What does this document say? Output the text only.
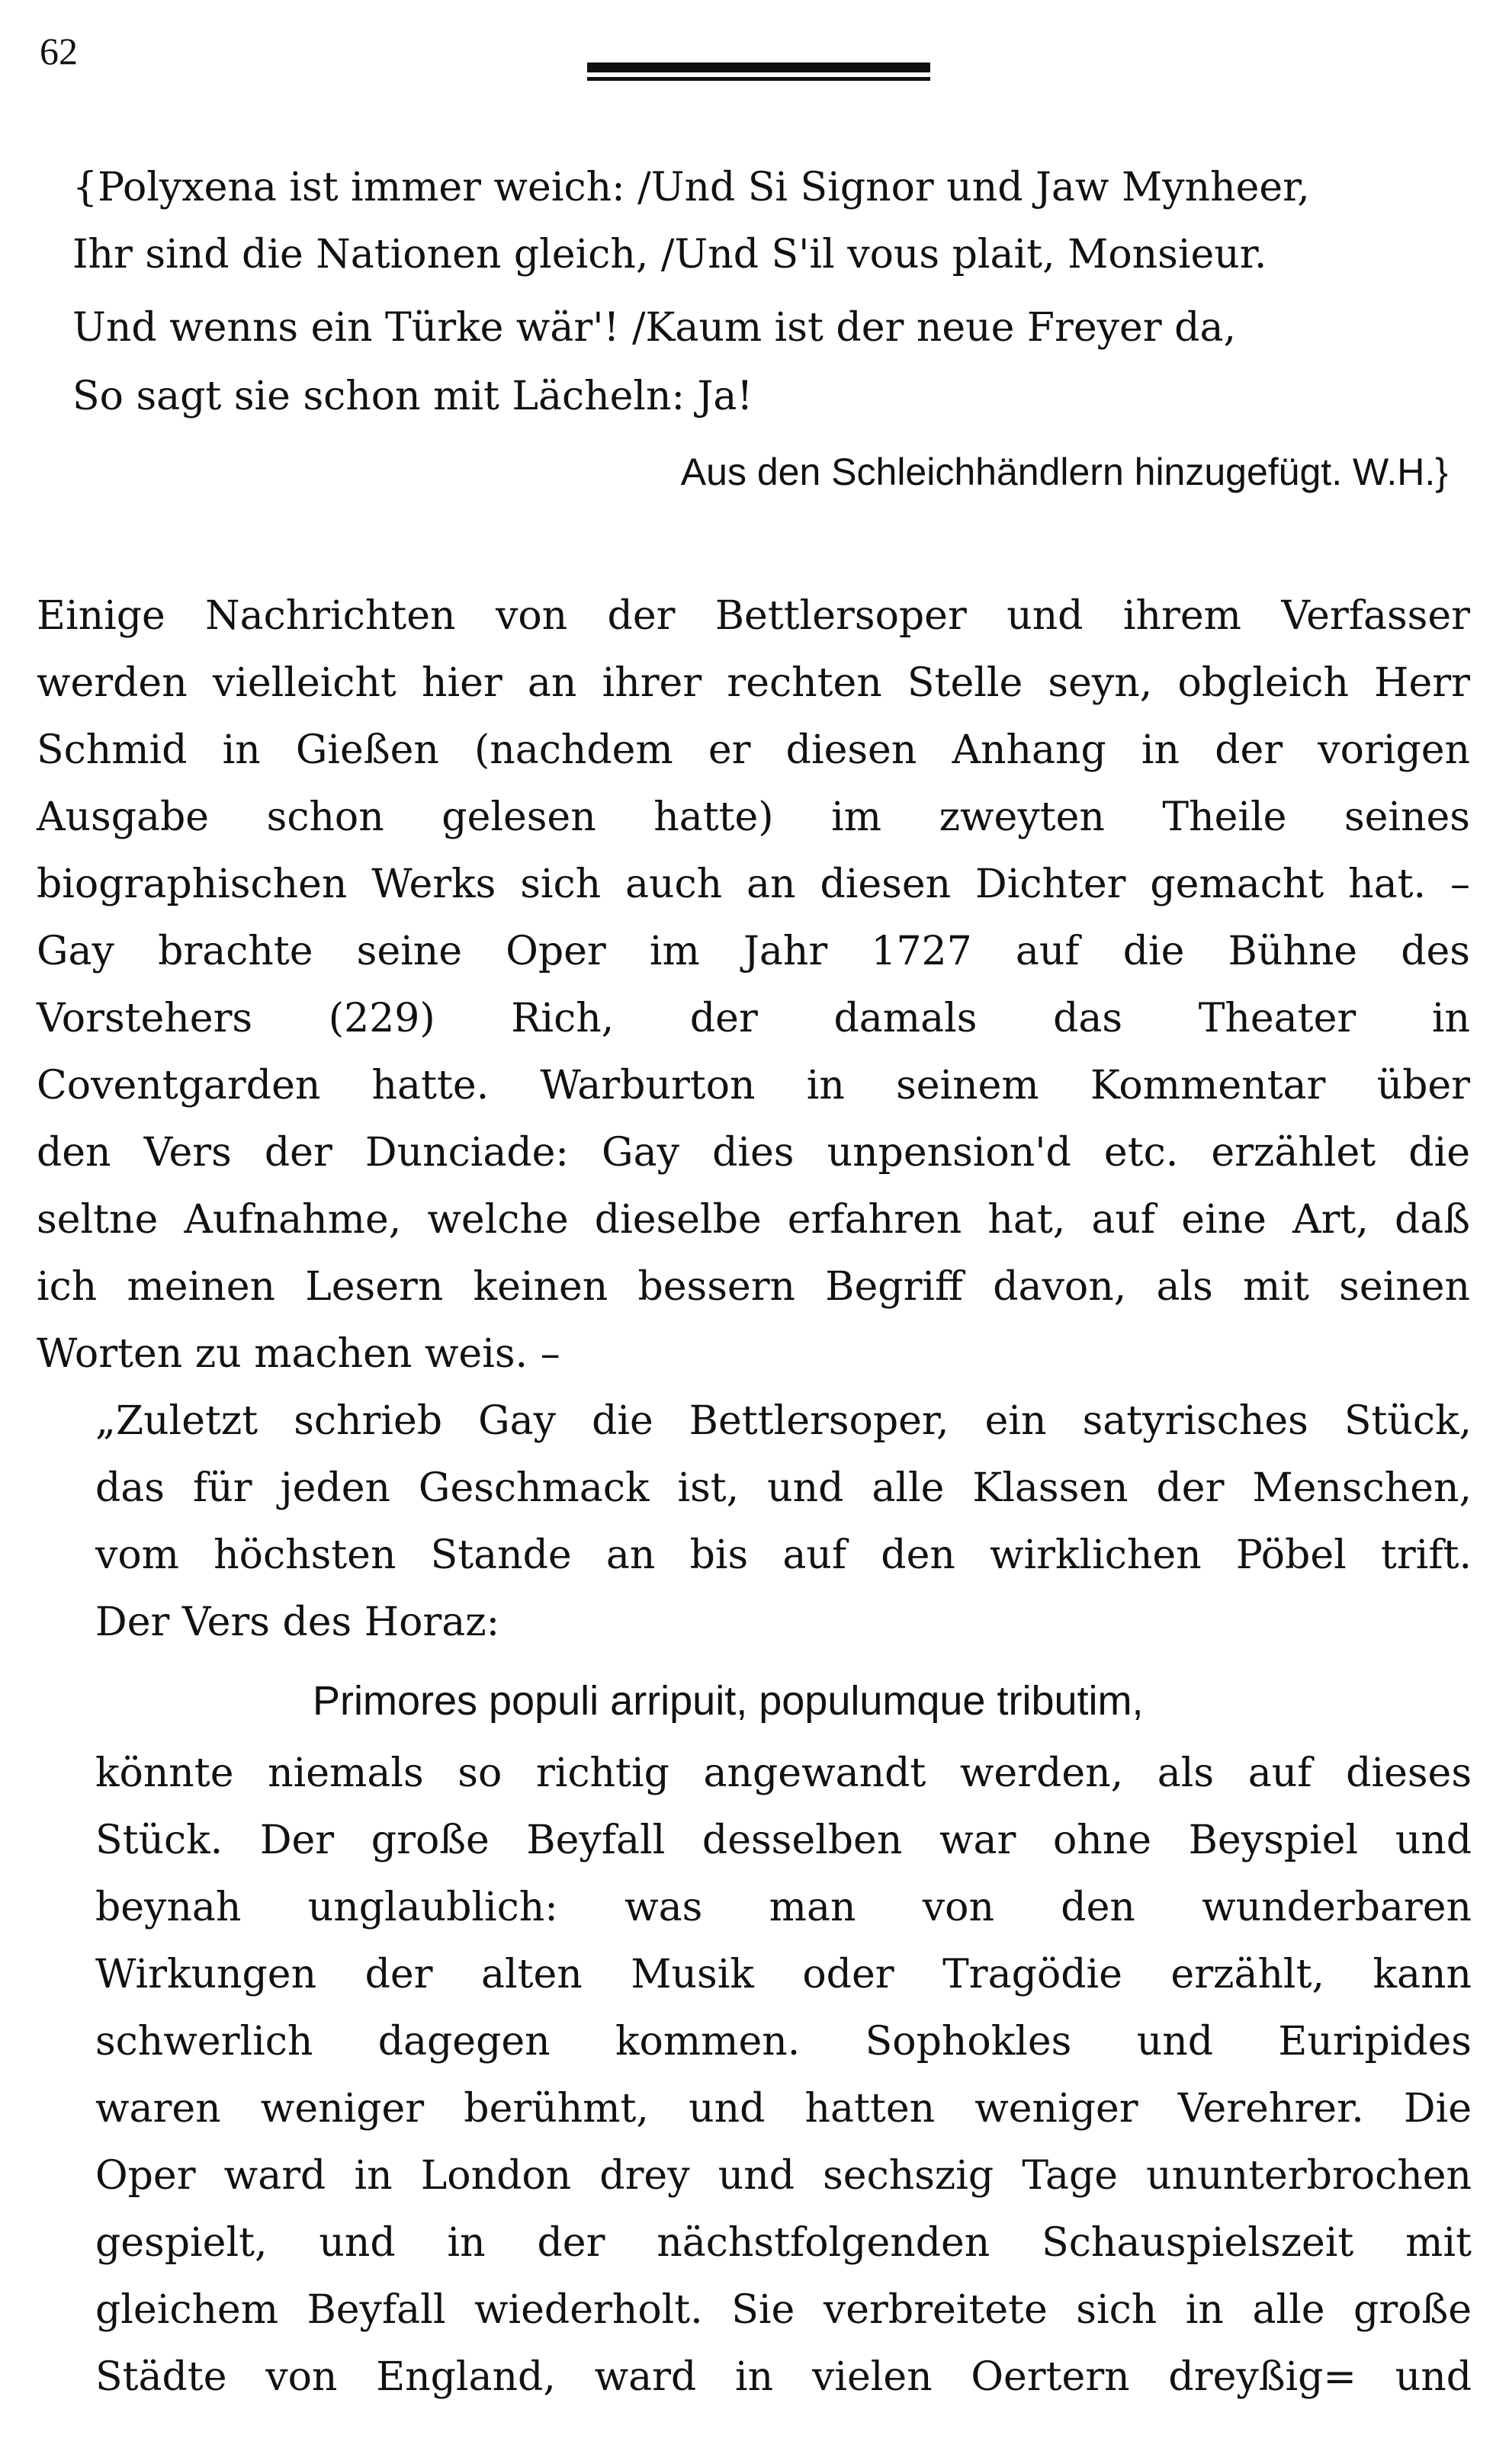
62
{Polyxena ist immer weich: /Und Si Signor und Jaw Mynheer,
Ihr sind die Nationen gleich, /Und S'il vous plait, Monsieur.
Und wenns ein Türke wär'! /Kaum ist der neue Freyer da,
So sagt sie schon mit Lächeln: Ja!
Aus den Schleichhändlern hinzugefügt. W.H.}
Einige Nachrichten von der Bettlersoper und ihrem Verfasser
werden vielleicht hier an ihrer rechten Stelle seyn, obgleich Herr
Schmid in Gießen (nachdem er diesen Anhang in der vorigen
Ausgabe schon gelesen hatte) im zweyten Theile seines
biographischen Werks sich auch an diesen Dichter gemacht hat. –
Gay brachte seine Oper im Jahr 1727 auf die Bühne des
Vorstehers (229) Rich, der damals das Theater in
Coventgarden hatte. Warburton in seinem Kommentar über
den Vers der Dunciade: Gay dies unpension'd etc. erzählet die
seltne Aufnahme, welche dieselbe erfahren hat, auf eine Art, daß
ich meinen Lesern keinen bessern Begriff davon, als mit seinen
Worten zu machen weis. –
„Zuletzt schrieb Gay die Bettlersoper, ein satyrisches Stück,
das für jeden Geschmack ist, und alle Klassen der Menschen,
vom höchsten Stande an bis auf den wirklichen Pöbel trift.
Der Vers des Horaz:
Primores populi arripuit, populumque tributim,
könnte niemals so richtig angewandt werden, als auf dieses
Stück. Der große Beyfall desselben war ohne Beyspiel und
beynah unglaublich: was man von den wunderbaren
Wirkungen der alten Musik oder Tragödie erzählt, kann
schwerlich dagegen kommen. Sophokles und Euripides
waren weniger berühmt, und hatten weniger Verehrer. Die
Oper ward in London drey und sechszig Tage ununterbrochen
gespielt, und in der nächstfolgenden Schauspielszeit mit
gleichem Beyfall wiederholt. Sie verbreitete sich in alle große
Städte von England, ward in vielen Oertern dreyßig= und
